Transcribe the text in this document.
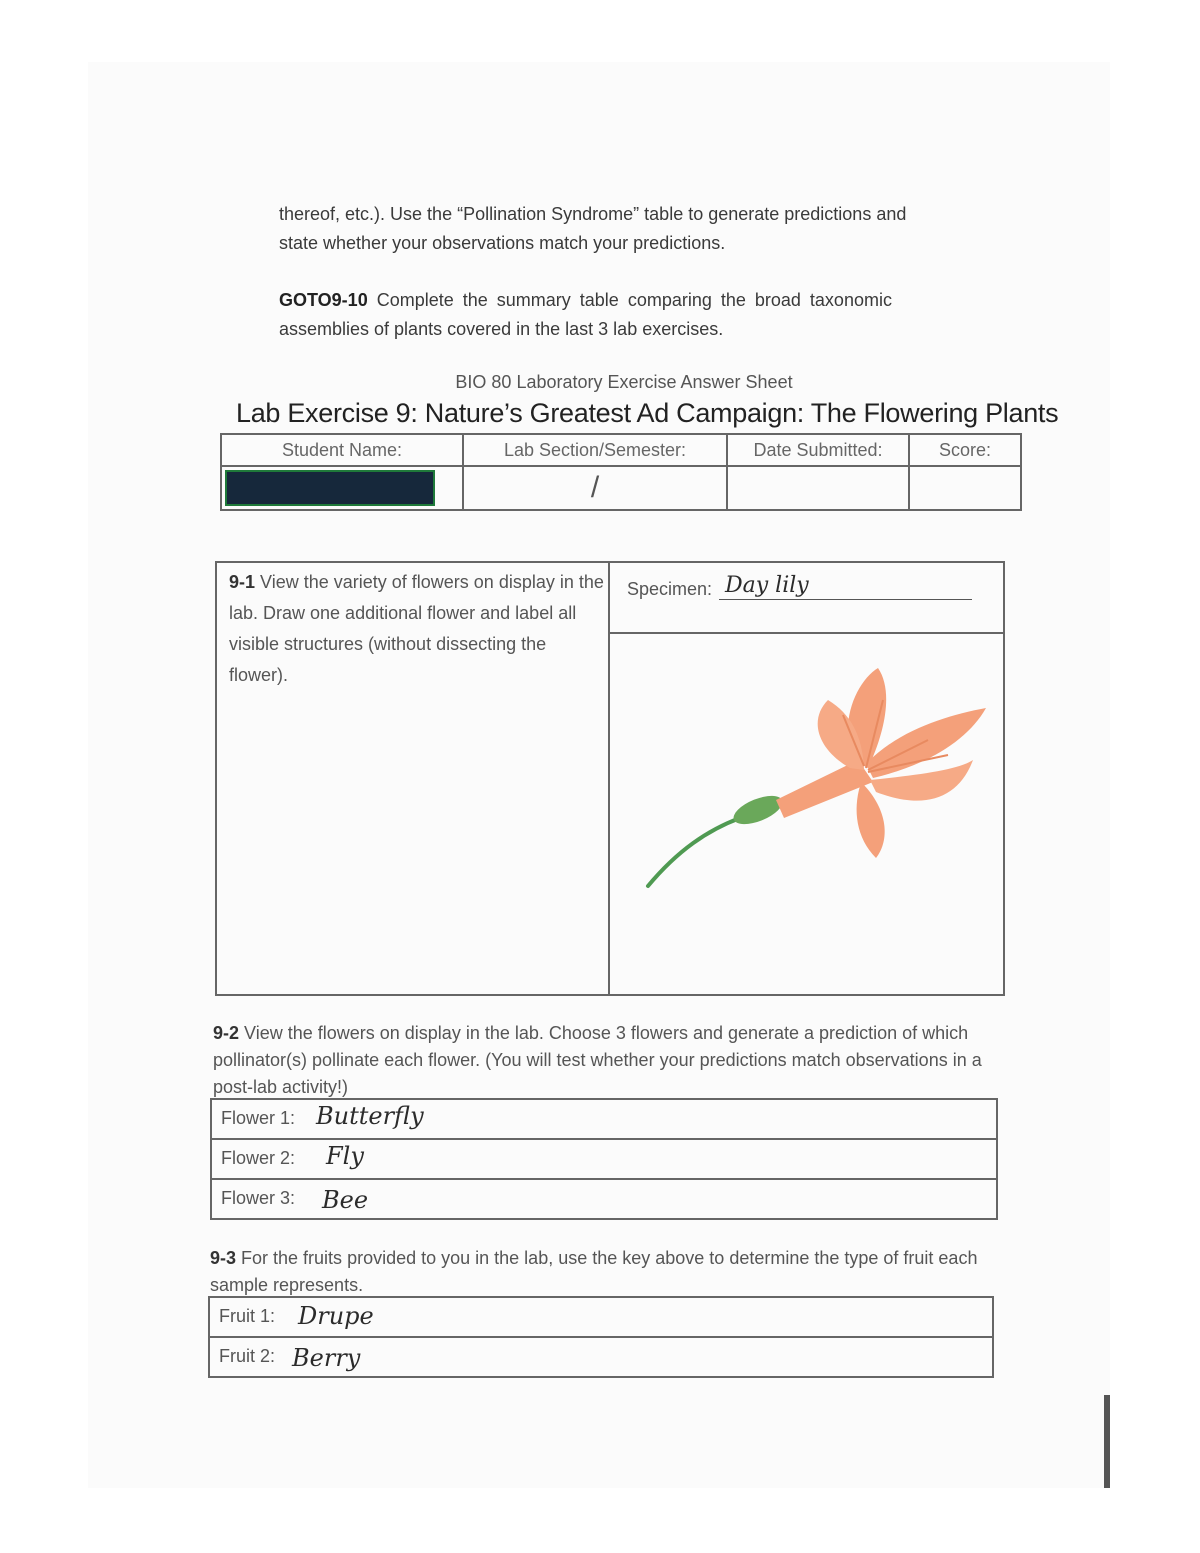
thereof, etc.). Use the “Pollination Syndrome” table to generate predictions and
state whether your observations match your predictions.
GOTO9-10 Complete the summary table comparing the broad taxonomic
assemblies of plants covered in the last 3 lab exercises.
BIO 80 Laboratory Exercise Answer Sheet
Lab Exercise 9: Nature’s Greatest Ad Campaign: The Flowering Plants
Student Name:	Lab Section/Semester:	Date Submitted:	Score:

	/		
9-1 View the variety of flowers on display in the lab. Draw one additional flower and label all visible structures (without dissecting the flower).
Specimen: Day lily
9-2 View the flowers on display in the lab. Choose 3 flowers and generate a prediction of which pollinator(s) pollinate each flower. (You will test whether your predictions match observations in a post-lab activity!)
Flower 1: Butterfly
Flower 2: Fly
Flower 3: Bee
9-3 For the fruits provided to you in the lab, use the key above to determine the type of fruit each sample represents.
Fruit 1: Drupe
Fruit 2: Berry
